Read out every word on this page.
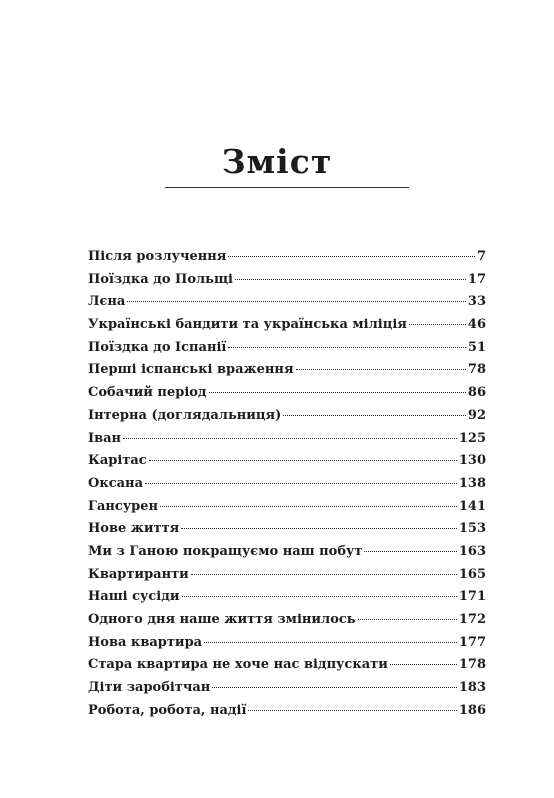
Зміст
Після розлучення	7
Поїздка до Польщі	17
Лєна	33
Українські бандити та українська міліція	46
Поїздка до Іспанії	51
Перші іспанські враження	78
Собачий період	86
Інтерна (доглядальниця)	92
Іван	125
Карітас	130
Оксана	138
Гансурен	141
Нове життя	153
Ми з Ганою покращуємо наш побут	163
Квартиранти	165
Наші сусіди	171
Одного дня наше життя змінилось	172
Нова квартира	177
Стара квартира не хоче нас відпускати	178
Діти заробітчан	183
Робота, робота, надії	186
